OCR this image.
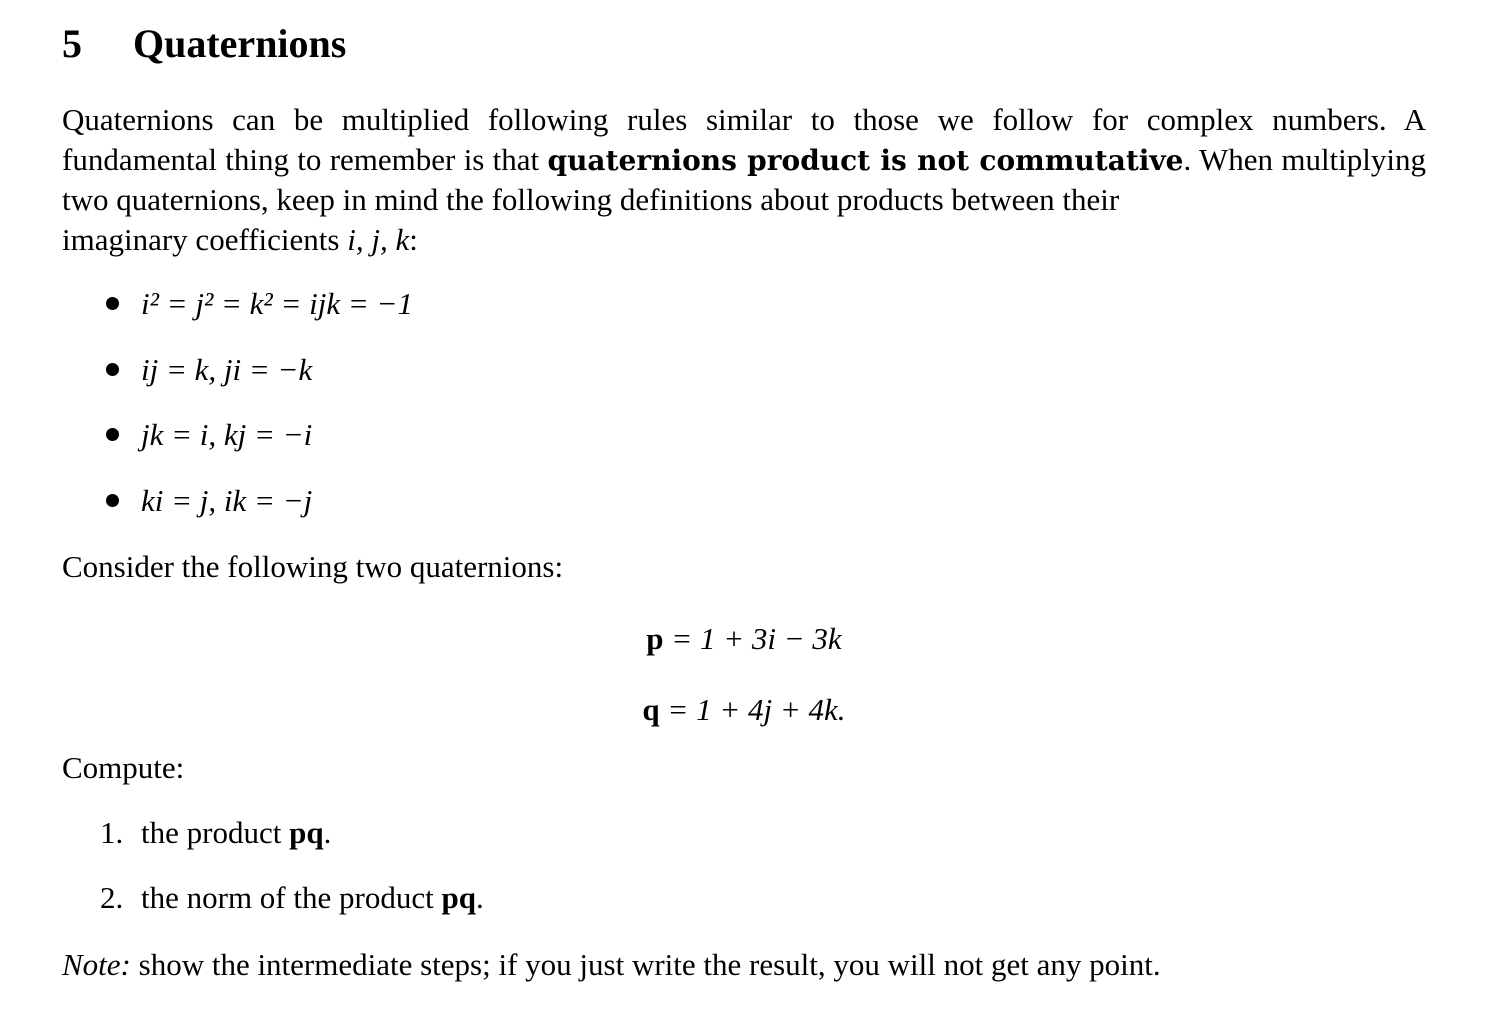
5 Quaternions
Quaternions can be multiplied following rules similar to those we follow for complex numbers. A fundamental thing to remember is that quaternions product is not commutative. When multiplying two quaternions, keep in mind the following definitions about products between their
imaginary coefficients i, j, k:
i² = j² = k² = ijk = −1
ij = k, ji = −k
jk = i, kj = −i
ki = j, ik = −j
Consider the following two quaternions:
p = 1 + 3i − 3k
q = 1 + 4j + 4k.
Compute:
1. the product pq.
2. the norm of the product pq.
Note: show the intermediate steps; if you just write the result, you will not get any point.
